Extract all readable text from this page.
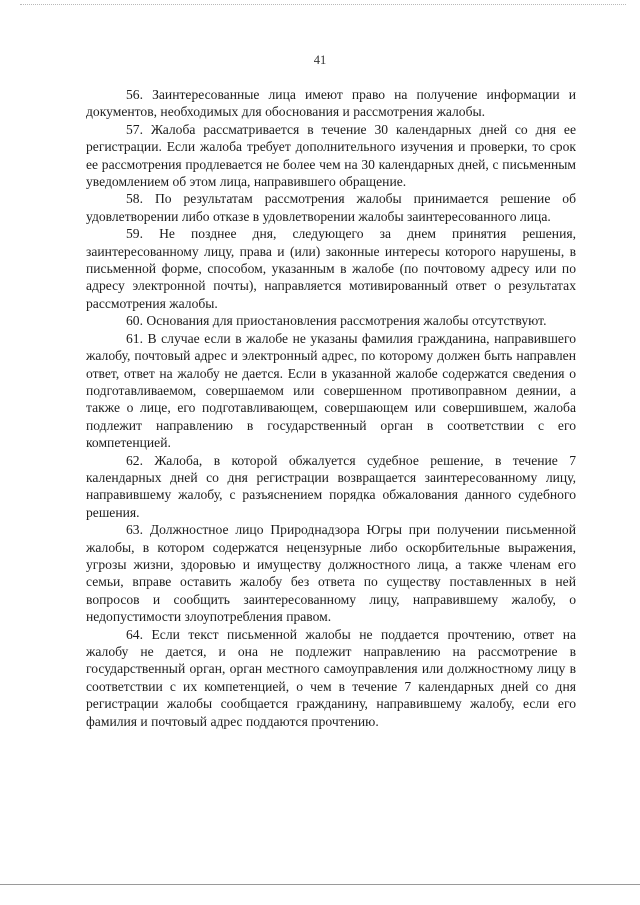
41

56. Заинтересованные лица имеют право на получение информации и документов, необходимых для обоснования и рассмотрения жалобы.

57. Жалоба рассматривается в течение 30 календарных дней со дня ее регистрации. Если жалоба требует дополнительного изучения и проверки, то срок ее рассмотрения продлевается не более чем на 30 календарных дней, с письменным уведомлением об этом лица, направившего обращение.

58. По результатам рассмотрения жалобы принимается решение об удовлетворении либо отказе в удовлетворении жалобы заинтересованного лица.

59. Не позднее дня, следующего за днем принятия решения, заинтересованному лицу, права и (или) законные интересы которого нарушены, в письменной форме, способом, указанным в жалобе (по почтовому адресу или по адресу электронной почты), направляется мотивированный ответ о результатах рассмотрения жалобы.

60. Основания для приостановления рассмотрения жалобы отсутствуют.

61. В случае если в жалобе не указаны фамилия гражданина, направившего жалобу, почтовый адрес и электронный адрес, по которому должен быть направлен ответ, ответ на жалобу не дается. Если в указанной жалобе содержатся сведения о подготавливаемом, совершаемом или совершенном противоправном деянии, а также о лице, его подготавливающем, совершающем или совершившем, жалоба подлежит направлению в государственный орган в соответствии с его компетенцией.

62. Жалоба, в которой обжалуется судебное решение, в течение 7 календарных дней со дня регистрации возвращается заинтересованному лицу, направившему жалобу, с разъяснением порядка обжалования данного судебного решения.

63. Должностное лицо Природнадзора Югры при получении письменной жалобы, в котором содержатся нецензурные либо оскорбительные выражения, угрозы жизни, здоровью и имуществу должностного лица, а также членам его семьи, вправе оставить жалобу без ответа по существу поставленных в ней вопросов и сообщить заинтересованному лицу, направившему жалобу, о недопустимости злоупотребления правом.

64. Если текст письменной жалобы не поддается прочтению, ответ на жалобу не дается, и она не подлежит направлению на рассмотрение в государственный орган, орган местного самоуправления или должностному лицу в соответствии с их компетенцией, о чем в течение 7 календарных дней со дня регистрации жалобы сообщается гражданину, направившему жалобу, если его фамилия и почтовый адрес поддаются прочтению.
